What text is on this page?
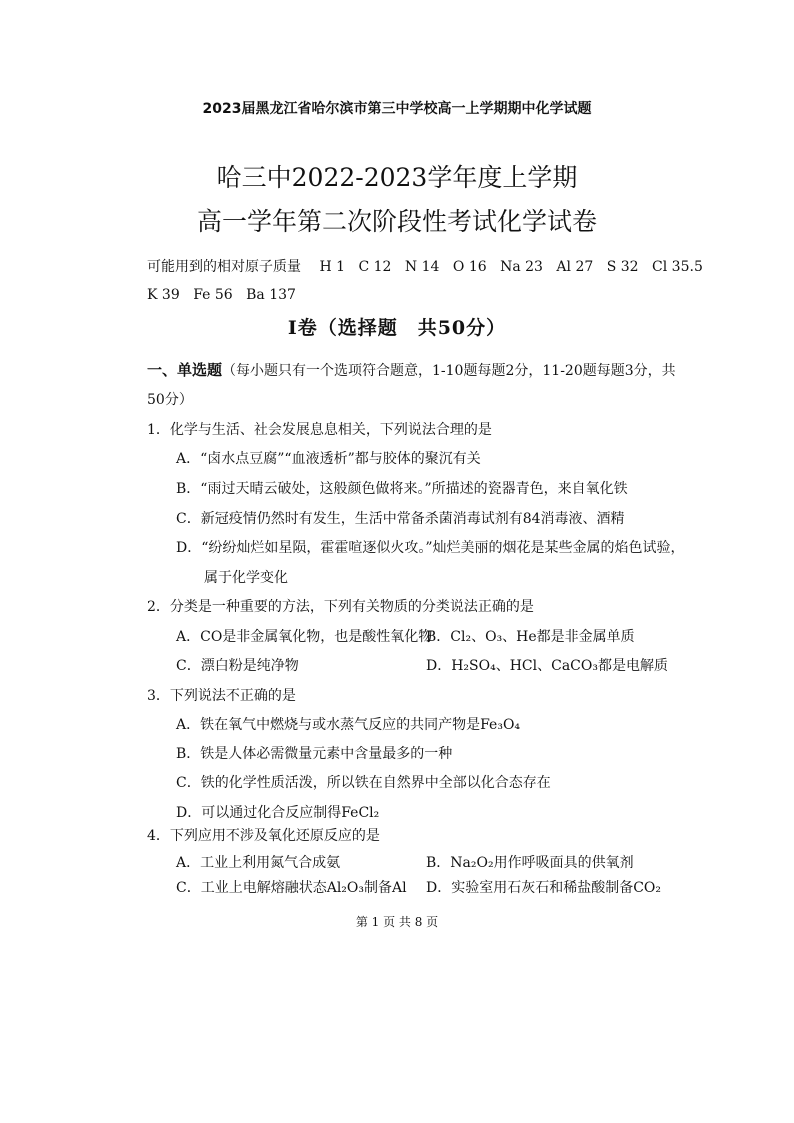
2023届黑龙江省哈尔滨市第三中学校高一上学期期中化学试题
哈三中2022-2023学年度上学期
高一学年第二次阶段性考试化学试卷
可能用到的相对原子质量 H 1 C 12 N 14 O 16 Na 23 Al 27 S 32 Cl 35.5
K 39 Fe 56 Ba 137
I卷（选择题　共50分）
一、单选题（每小题只有一个选项符合题意，1-10题每题2分，11-20题每题3分，共
50分）
1．化学与生活、社会发展息息相关，下列说法合理的是
A．“卤水点豆腐”“血液透析”都与胶体的聚沉有关
B．“雨过天晴云破处，这般颜色做将来。”所描述的瓷器青色，来自氧化铁
C．新冠疫情仍然时有发生，生活中常备杀菌消毒试剂有84消毒液、酒精
D．“纷纷灿烂如星陨，霍霍喧逐似火攻。”灿烂美丽的烟花是某些金属的焰色试验，
属于化学变化
2．分类是一种重要的方法，下列有关物质的分类说法正确的是
A．CO是非金属氧化物，也是酸性氧化物
B．Cl₂、O₃、He都是非金属单质
C．漂白粉是纯净物	D．H₂SO₄、HCl、CaCO₃都是电解质
3．下列说法不正确的是
A．铁在氧气中燃烧与或水蒸气反应的共同产物是Fe₃O₄
B．铁是人体必需微量元素中含量最多的一种
C．铁的化学性质活泼，所以铁在自然界中全部以化合态存在
D．可以通过化合反应制得FeCl₂
4．下列应用不涉及氧化还原反应的是
A．工业上利用氮气合成氨	B．Na₂O₂用作呼吸面具的供氧剂
C．工业上电解熔融状态Al₂O₃制备Al D．实验室用石灰石和稀盐酸制备CO₂
第 1 页 共 8 页
